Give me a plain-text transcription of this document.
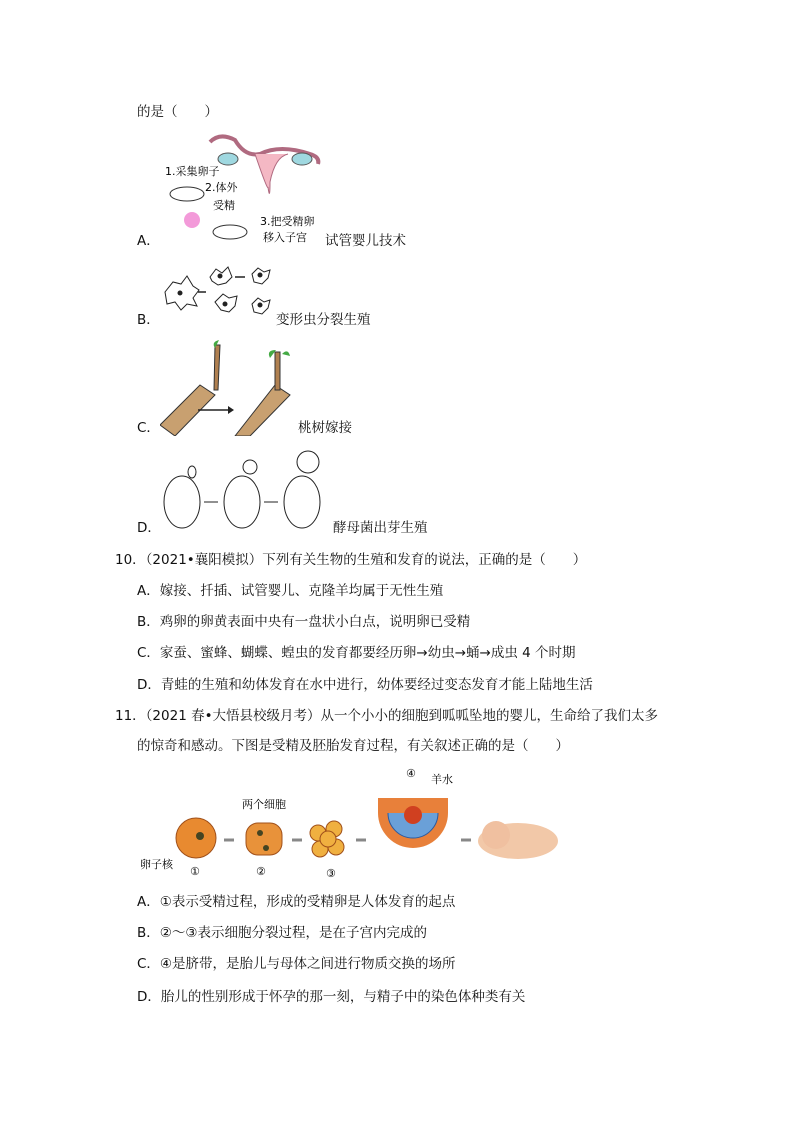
的是（　　）
1.采集卵子
2.体外
受精
3.把受精卵
移入子宫
A．	试管婴儿技术
B．	变形虫分裂生殖
C．	桃树嫁接
D．	酵母菌出芽生殖
10．（2021•襄阳模拟）下列有关生物的生殖和发育的说法，正确的是（　　）
A．嫁接、扦插、试管婴儿、克隆羊均属于无性生殖
B．鸡卵的卵黄表面中央有一盘状小白点，说明卵已受精
C．家蚕、蜜蜂、蝴蝶、蝗虫的发育都要经历卵→幼虫→蛹→成虫 4 个时期
D．青蛙的生殖和幼体发育在水中进行，幼体要经过变态发育才能上陆地生活
11．（2021 春•大悟县校级月考）从一个小小的细胞到呱呱坠地的婴儿，生命给了我们太多
的惊奇和感动。下图是受精及胚胎发育过程，有关叙述正确的是（　　）
卵子核
①
两个细胞
②	③
④ 羊水
A．①表示受精过程，形成的受精卵是人体发育的起点
B．②～③表示细胞分裂过程，是在子宫内完成的
C．④是脐带，是胎儿与母体之间进行物质交换的场所
D．胎儿的性别形成于怀孕的那一刻，与精子中的染色体种类有关
